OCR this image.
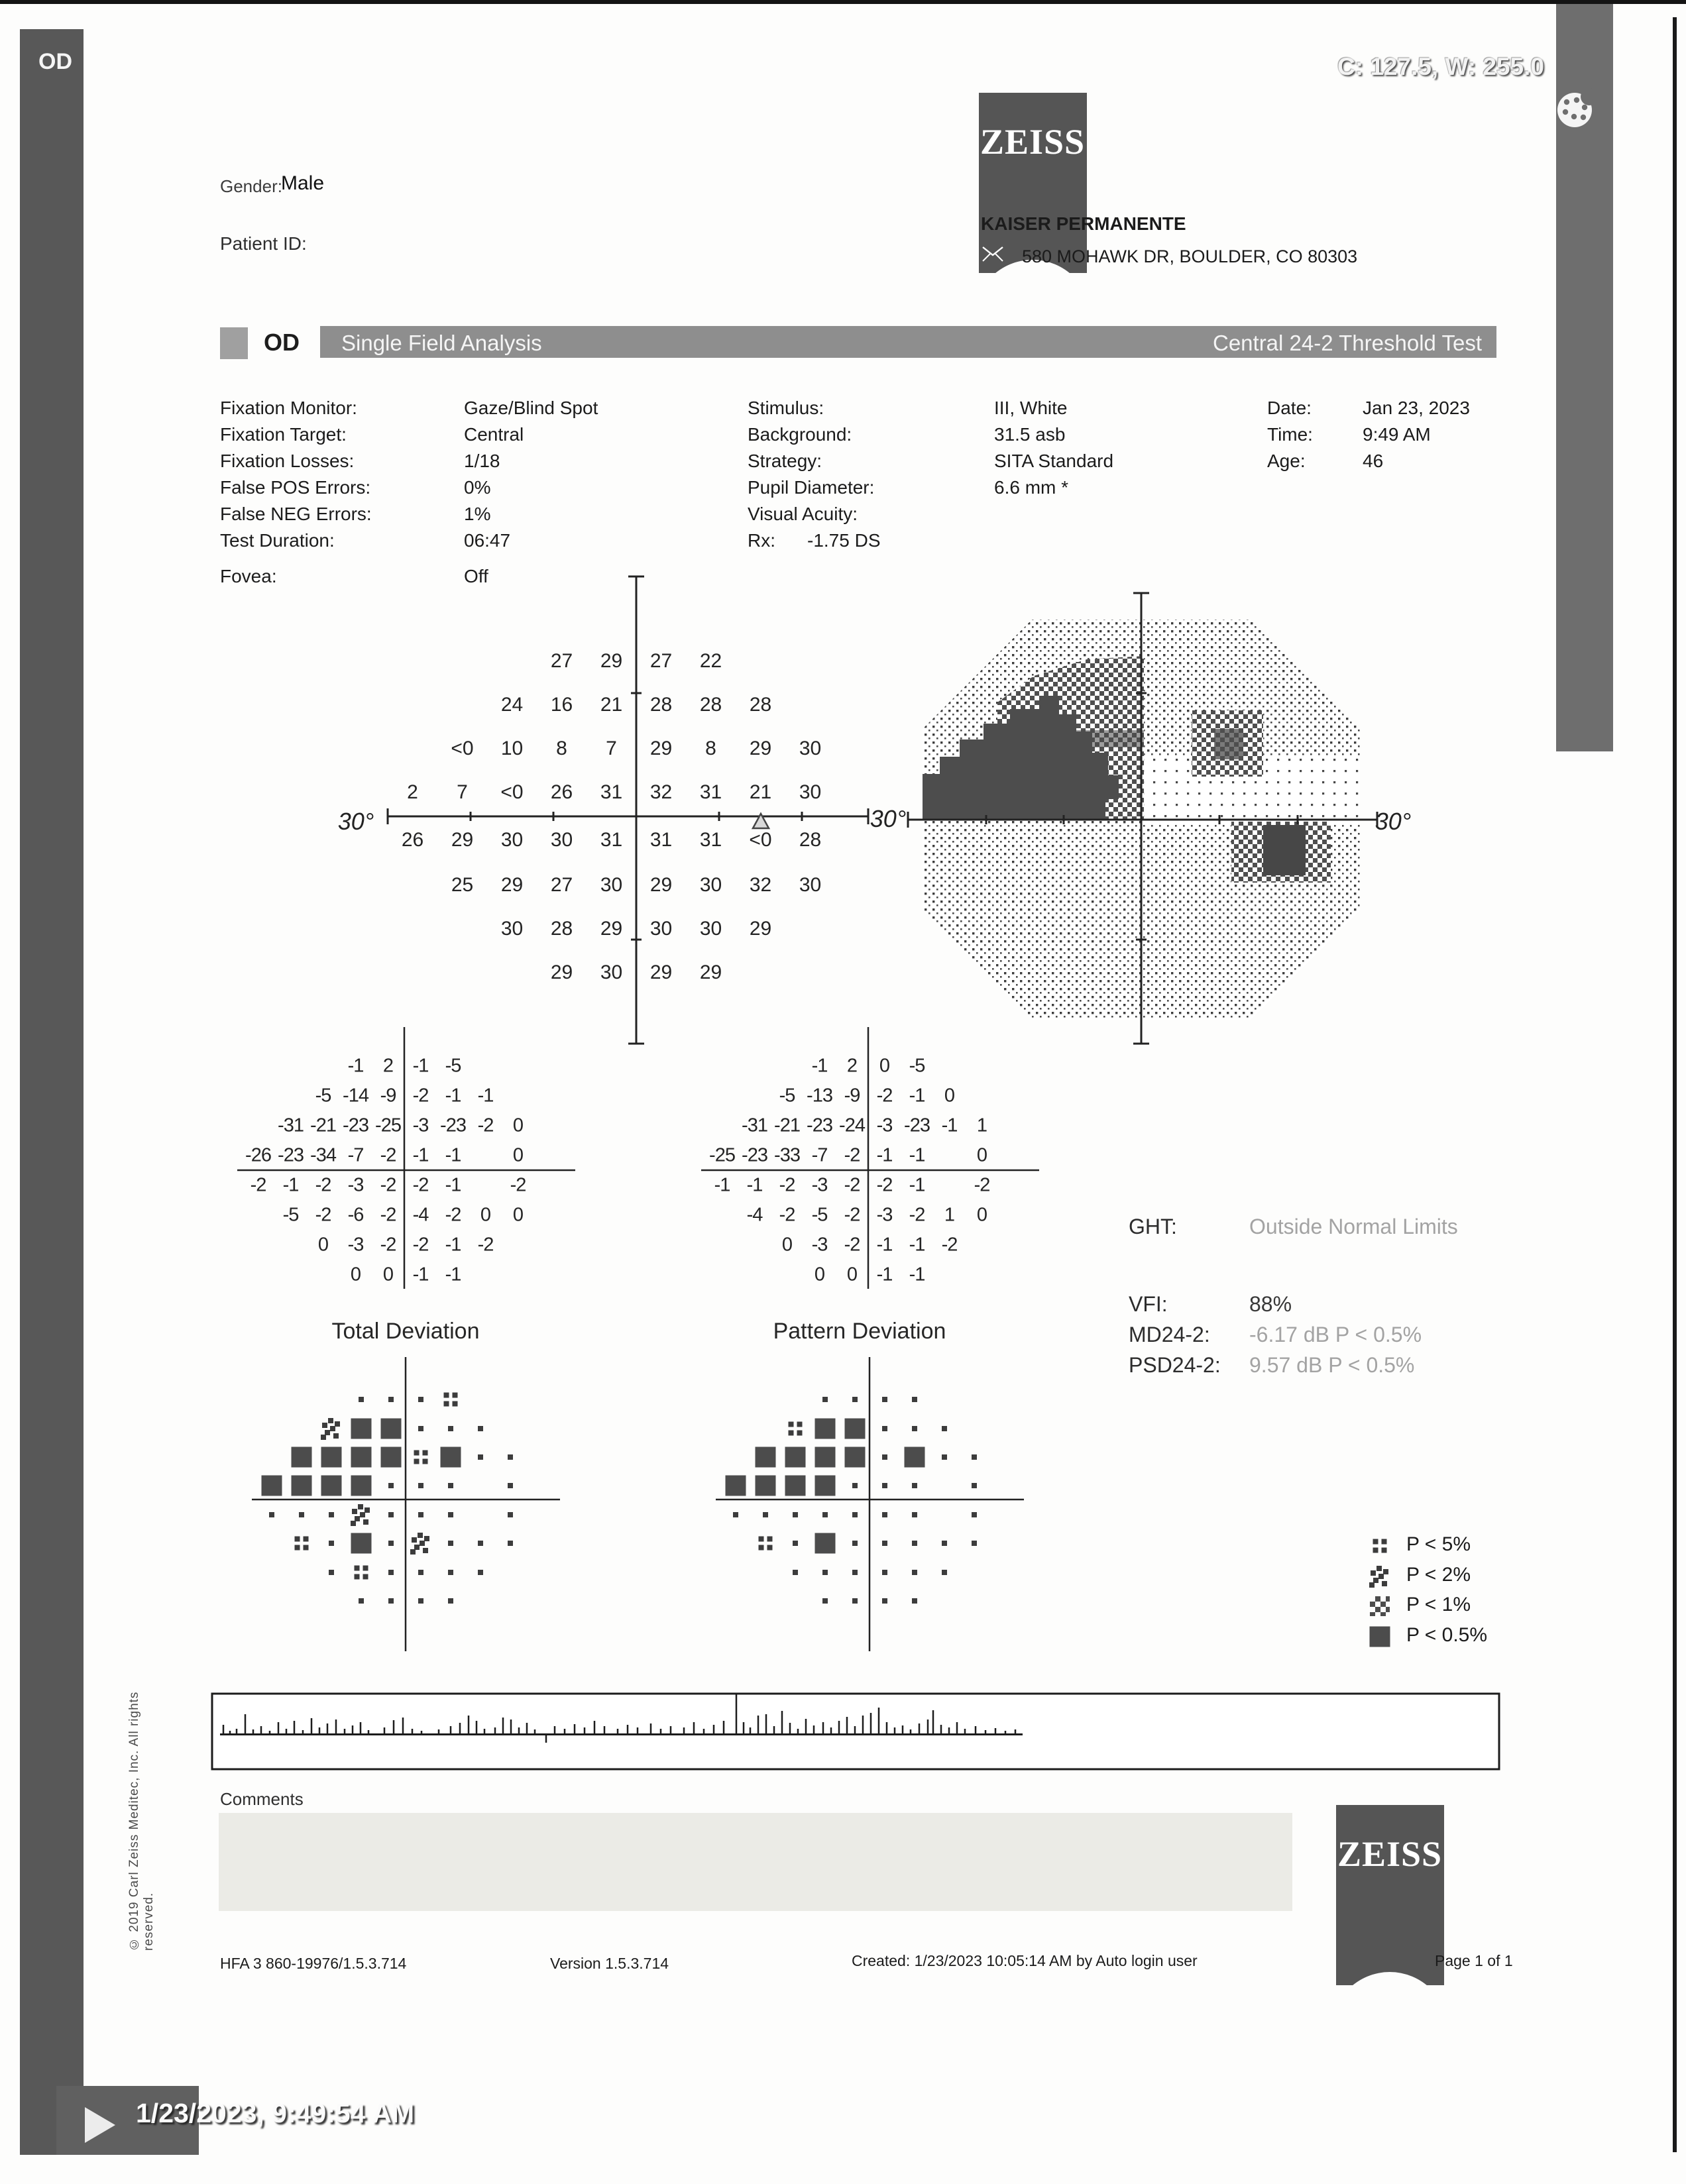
ZEISS
ZEISS
OD	C: 127.5, W: 255.0
Gender:
Male
Patient ID:
KAISER PERMANENTE
580 MOHAWK DR, BOULDER, CO 80303
OD Single Field Analysis	Central 24-2 Threshold Test
Fixation Monitor:	Gaze/Blind Spot
Fixation Target:	Central
Fixation Losses:	1/18
False POS Errors:	0%
False NEG Errors:	1%
Test Duration:	06:47
Fovea:	Off
Stimulus:	III, White
Background:	31.5 asb
Strategy:	SITA Standard
Pupil Diameter:	6.6 mm *
Visual Acuity:
Rx: -1.75 DS
Date:	Jan 23, 2023
Time:	9:49 AM
Age:	46
30°	30°	30°
27 29 27 22
24 16 21 28 28 28
<0 10 8 7 29 8 29 30
2 7 <0 26 31 32 31 21 30
26 29 30 30 31 31 31 <0 28
25 29 27 30 29 30 32 30
30 28 29 30 30 29
29 30 29 29
-1 2 -1 -5
-5 -14 -9 -2 -1 -1
-31 -21 -23 -25 -3 -23 -2 0
-26 -23 -34 -7 -2 -1 -1	0
-2 -1 -2 -3 -2 -2 -1	-2
-5 -2 -6 -2 -4 -2 0 0
0 -3 -2 -2 -1 -2
0 0 -1 -1
-1 2 0 -5
-5 -13 -9 -2 -1 0
-31 -21 -23 -24 -3 -23 -1 1
-25 -23 -33 -7 -2 -1 -1	0
-1 -1 -2 -3 -2 -2 -1	-2
-4 -2 -5 -2 -3 -2 1 0
0 -3 -2 -1 -1 -2
0 0 -1 -1
Total Deviation	Pattern Deviation
GHT:	Outside Normal Limits
VFI:	88%
MD24-2: -6.17 dB P < 0.5%
PSD24-2: 9.57 dB P < 0.5%
P < 5%
P < 2%
P < 1%
P < 0.5%
Comments
HFA 3 860-19976/1.5.3.714	Version 1.5.3.714	Created: 1/23/2023 10:05:14 AM by Auto login user	Page 1 of 1
© 2019 Carl Zeiss Meditec, Inc. All rights reserved.
1/23/2023, 9:49:54 AM
